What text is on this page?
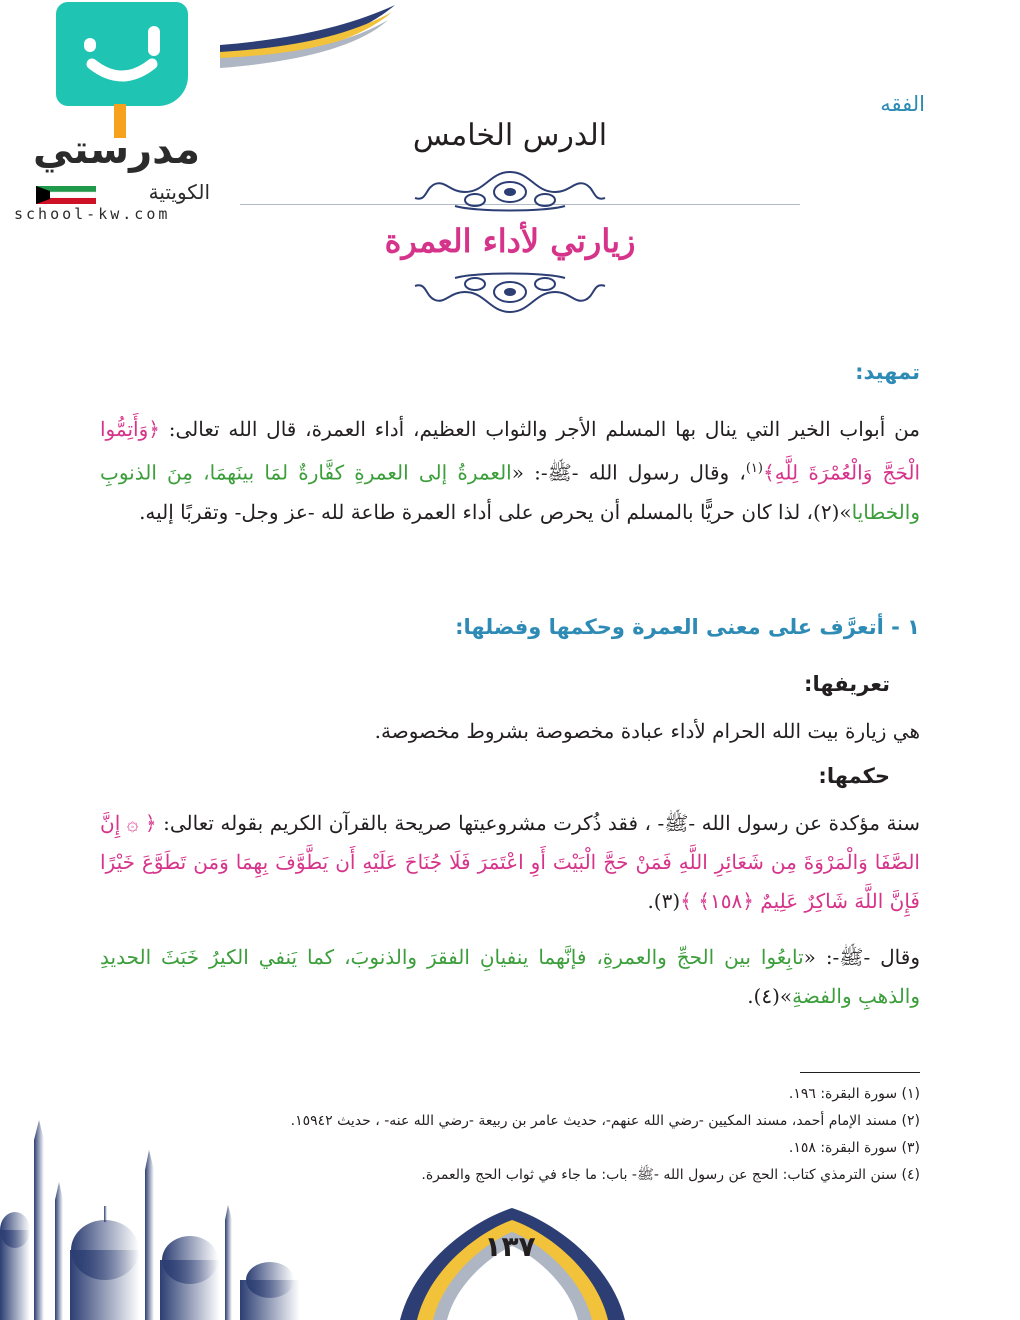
مدرستي
الكويتية
school-kw.com
الفقه
الدرس الخامس
زيارتي لأداء العمرة
تمهيد:
من أبواب الخير التي ينال بها المسلم الأجر والثواب العظيم، أداء العمرة، قال الله تعالى: ﴿وَأَتِمُّوا الْحَجَّ وَالْعُمْرَةَ لِلَّهِ﴾$^{(١)}$، وقال رسول الله -ﷺ-: «العمرةُ إلى العمرةِ كفَّارةٌ لمَا بينَهمَا، مِنَ الذنوبِ والخطايا»(٢)، لذا كان حريًّا بالمسلم أن يحرص على أداء العمرة طاعة لله -عز وجل- وتقربًا إليه.
١ - أتعرَّف على معنى العمرة وحكمها وفضلها:
تعريفها:
هي زيارة بيت الله الحرام لأداء عبادة مخصوصة بشروط مخصوصة.
حكمها:
سنة مؤكدة عن رسول الله -ﷺ- ، فقد ذُكرت مشروعيتها صريحة بالقرآن الكريم بقوله تعالى: ﴿ ۞ إِنَّ الصَّفَا وَالْمَرْوَةَ مِن شَعَائِرِ اللَّهِ فَمَنْ حَجَّ الْبَيْتَ أَوِ اعْتَمَرَ فَلَا جُنَاحَ عَلَيْهِ أَن يَطَّوَّفَ بِهِمَا وَمَن تَطَوَّعَ خَيْرًا فَإِنَّ اللَّهَ شَاكِرٌ عَلِيمٌ ﴿١٥٨﴾ ﴾(٣).
وقال -ﷺ-: «تابِعُوا بين الحجِّ والعمرةِ، فإنَّهما ينفيانِ الفقرَ والذنوبَ، كما يَنفي الكيرُ خَبَثَ الحديدِ والذهبِ والفضةِ»(٤).
(١) سورة البقرة: ١٩٦.
(٢) مسند الإمام أحمد، مسند المكيين -رضي الله عنهم-، حديث عامر بن ربيعة -رضي الله عنه- ، حديث ١٥٩٤٢.
(٣) سورة البقرة: ١٥٨.
(٤) سنن الترمذي كتاب: الحج عن رسول الله -ﷺ- باب: ما جاء في ثواب الحج والعمرة.
١٣٧
